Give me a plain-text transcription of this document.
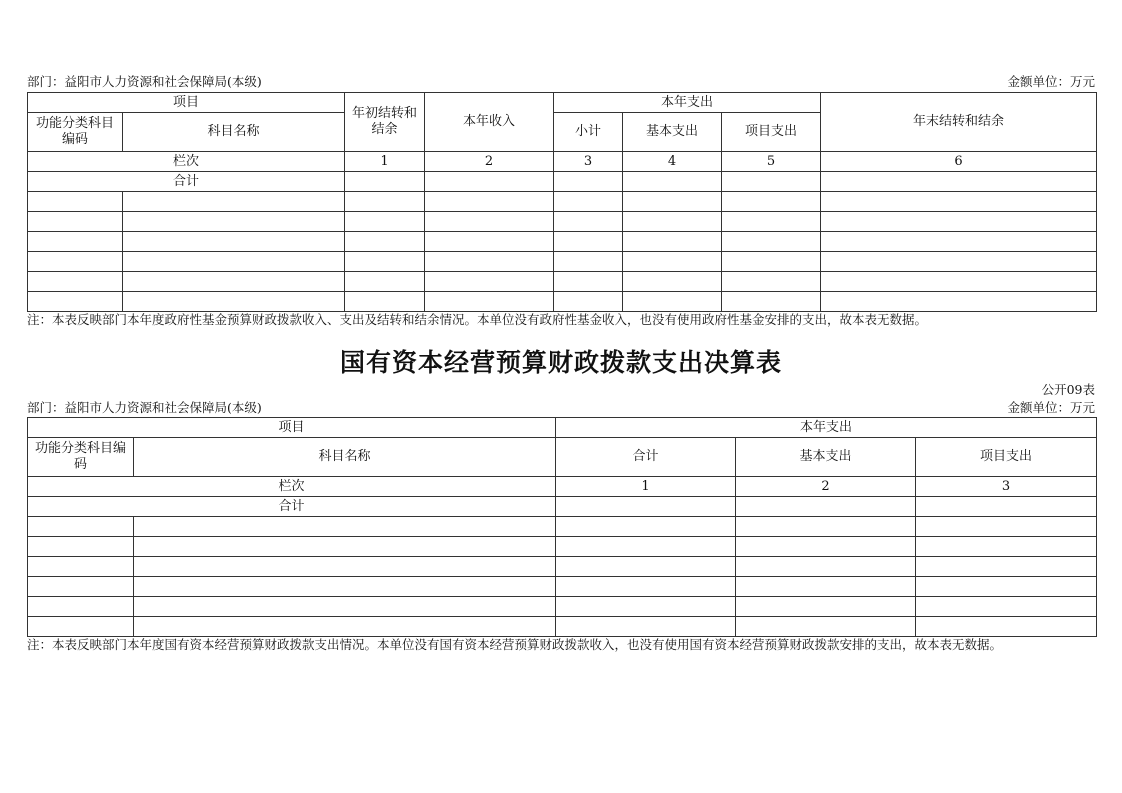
部门：益阳市人力资源和社会保障局(本级)	金额单位：万元
项目		年初结转和结余	本年收入	本年支出			年末结转和结余
功能分类科目编码	科目名称			小计	基本支出	项目支出	
栏次		1	2	3	4	5	6
合计							

注：本表反映部门本年度政府性基金预算财政拨款收入、支出及结转和结余情况。本单位没有政府性基金收入，也没有使用政府性基金安排的支出，故本表无数据。
国有资本经营预算财政拨款支出决算表
公开09表
部门：益阳市人力资源和社会保障局(本级)	金额单位：万元
项目		本年支出		
功能分类科目编码	科目名称	合计	基本支出	项目支出
栏次		1	2	3
合计				

注：本表反映部门本年度国有资本经营预算财政拨款支出情况。本单位没有国有资本经营预算财政拨款收入，也没有使用国有资本经营预算财政拨款安排的支出，故本表无数据。
